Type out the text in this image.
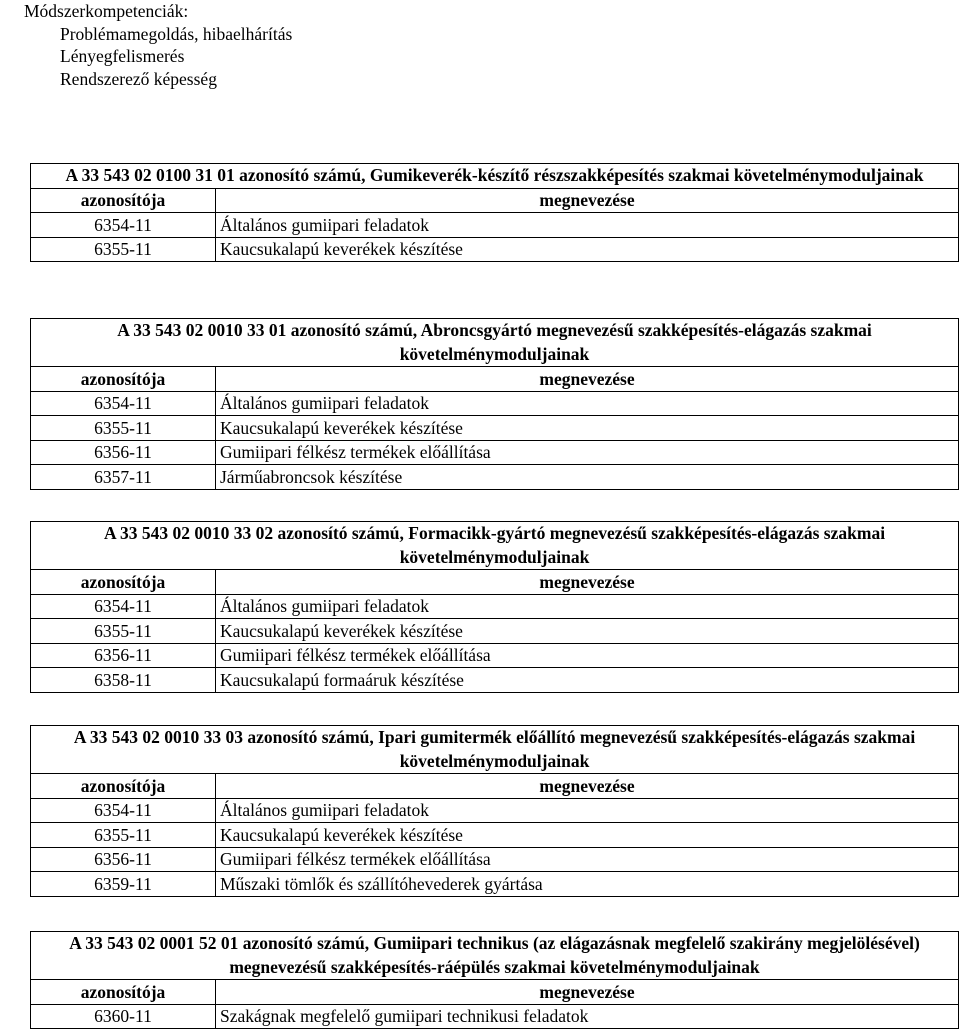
Módszerkompetenciák:
Problémamegoldás, hibaelhárítás
Lényegfelismerés
Rendszerező képesség
A 33 543 02 0100 31 01 azonosító számú, Gumikeverék-készítő részszakképesítés szakmai követelménymoduljainak	
azonosítója	megnevezése
6354-11	Általános gumiipari feladatok
6355-11	Kaucsukalapú keverékek készítése
A 33 543 02 0010 33 01 azonosító számú, Abroncsgyártó megnevezésű szakképesítés-elágazás szakmai követelménymoduljainak	
azonosítója	megnevezése
6354-11	Általános gumiipari feladatok
6355-11	Kaucsukalapú keverékek készítése
6356-11	Gumiipari félkész termékek előállítása
6357-11	Járműabroncsok készítése
A 33 543 02 0010 33 02 azonosító számú, Formacikk-gyártó megnevezésű szakképesítés-elágazás szakmai követelménymoduljainak	
azonosítója	megnevezése
6354-11	Általános gumiipari feladatok
6355-11	Kaucsukalapú keverékek készítése
6356-11	Gumiipari félkész termékek előállítása
6358-11	Kaucsukalapú formaáruk készítése
A 33 543 02 0010 33 03 azonosító számú, Ipari gumitermék előállító megnevezésű szakképesítés-elágazás szakmai követelménymoduljainak	
azonosítója	megnevezése
6354-11	Általános gumiipari feladatok
6355-11	Kaucsukalapú keverékek készítése
6356-11	Gumiipari félkész termékek előállítása
6359-11	Műszaki tömlők és szállítóhevederek gyártása
A 33 543 02 0001 52 01 azonosító számú, Gumiipari technikus (az elágazásnak megfelelő szakirány megjelölésével) megnevezésű szakképesítés-ráépülés szakmai követelménymoduljainak	
azonosítója	megnevezése
6360-11	Szakágnak megfelelő gumiipari technikusi feladatok
